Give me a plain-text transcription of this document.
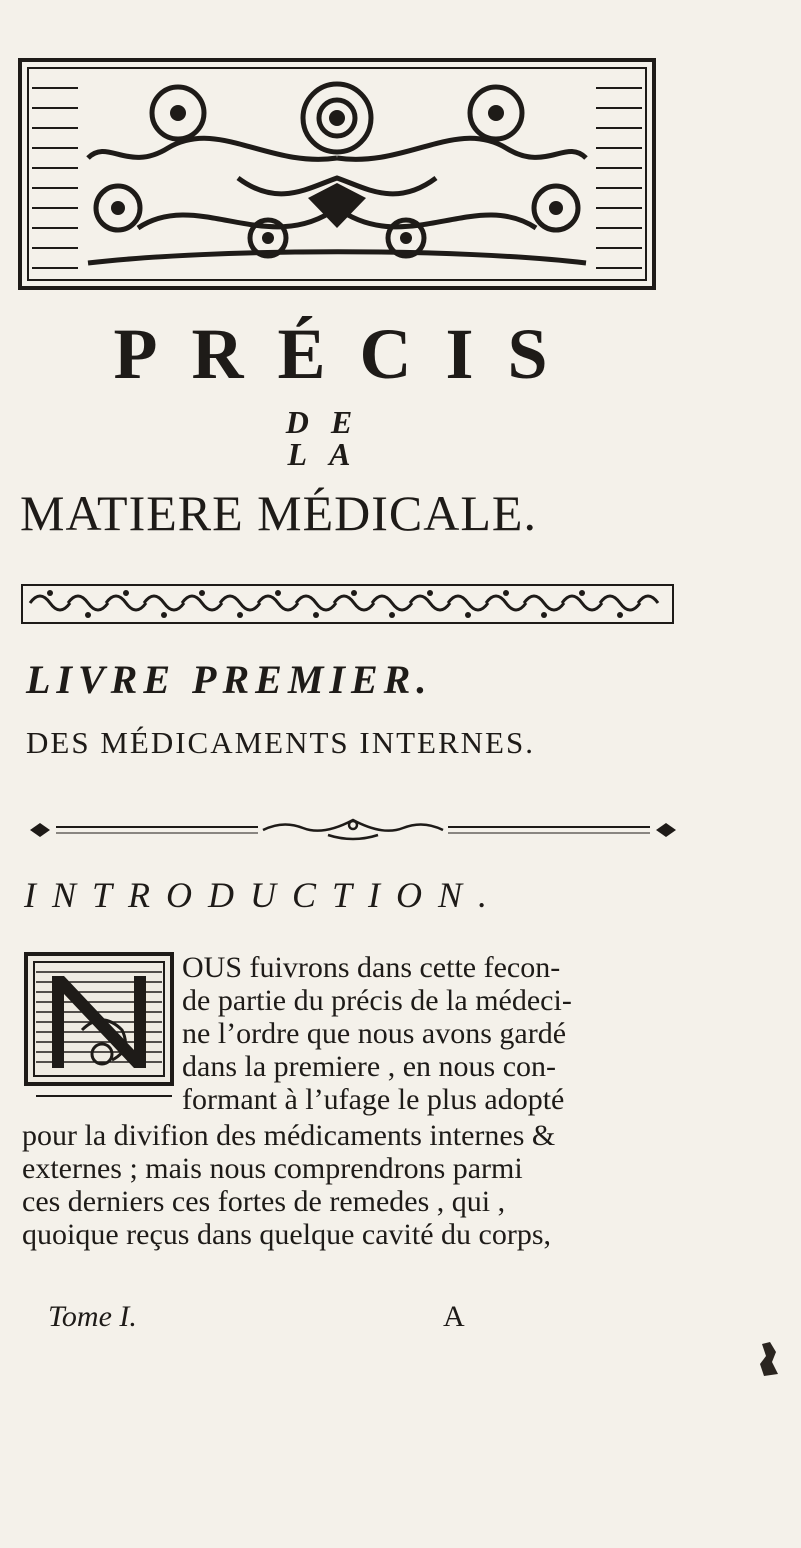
PRÉCIS
DE LA
MATIERE MÉDICALE.
LIVRE PREMIER.
DES MÉDICAMENTS INTERNES.
INTRODUCTION.
OUS fuivrons dans cette fecon-
de partie du précis de la médeci-
ne l’ordre que nous avons gardé
dans la premiere , en nous con-
formant à l’ufage le plus adopté
pour la divifion des médicaments internes &
externes ; mais nous comprendrons parmi
ces derniers ces fortes de remedes , qui ,
quoique reçus dans quelque cavité du corps,
Tome I.	A
